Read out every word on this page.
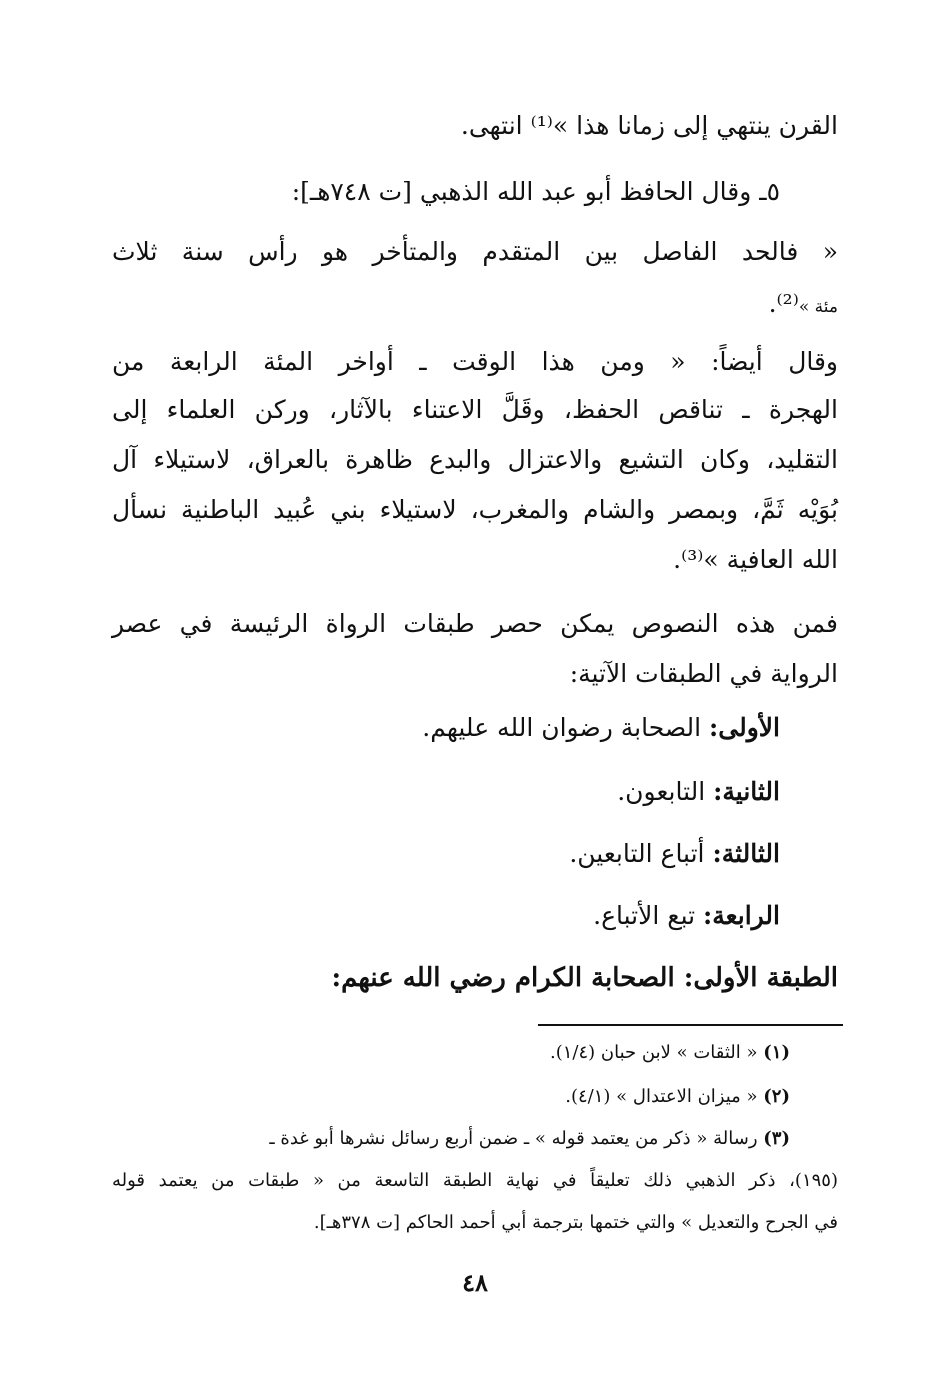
القرن ينتهي إلى زمانا هذا »⁽¹⁾ انتهى.
٥ـ وقال الحافظ أبو عبد الله الذهبي [ت ٧٤٨هـ]:
« فالحد الفاصل بين المتقدم والمتأخر هو رأس سنة ثلاث
مئة »⁽²⁾.
وقال أيضاً: « ومن هذا الوقت ـ أواخر المئة الرابعة من
الهجرة ـ تناقص الحفظ، وقَلَّ الاعتناء بالآثار، وركن العلماء إلى
التقليد، وكان التشيع والاعتزال والبدع ظاهرة بالعراق، لاستيلاء آل
بُوَيْه ثَمَّ، وبمصر والشام والمغرب، لاستيلاء بني عُبيد الباطنية نسأل
الله العافية »⁽³⁾.
فمن هذه النصوص يمكن حصر طبقات الرواة الرئيسة في عصر
الرواية في الطبقات الآتية:
الأولى: الصحابة رضوان الله عليهم.
الثانية: التابعون.
الثالثة: أتباع التابعين.
الرابعة: تبع الأتباع.
الطبقة الأولى: الصحابة الكرام رضي الله عنهم:
(١) « الثقات » لابن حبان (١/٤).
(٢) « ميزان الاعتدال » (٤/١).
(٣) رسالة « ذكر من يعتمد قوله » ـ ضمن أربع رسائل نشرها أبو غدة ـ
(١٩٥)، ذكر الذهبي ذلك تعليقاً في نهاية الطبقة التاسعة من « طبقات من يعتمد قوله
في الجرح والتعديل » والتي ختمها بترجمة أبي أحمد الحاكم [ت ٣٧٨هـ].
٤٨
